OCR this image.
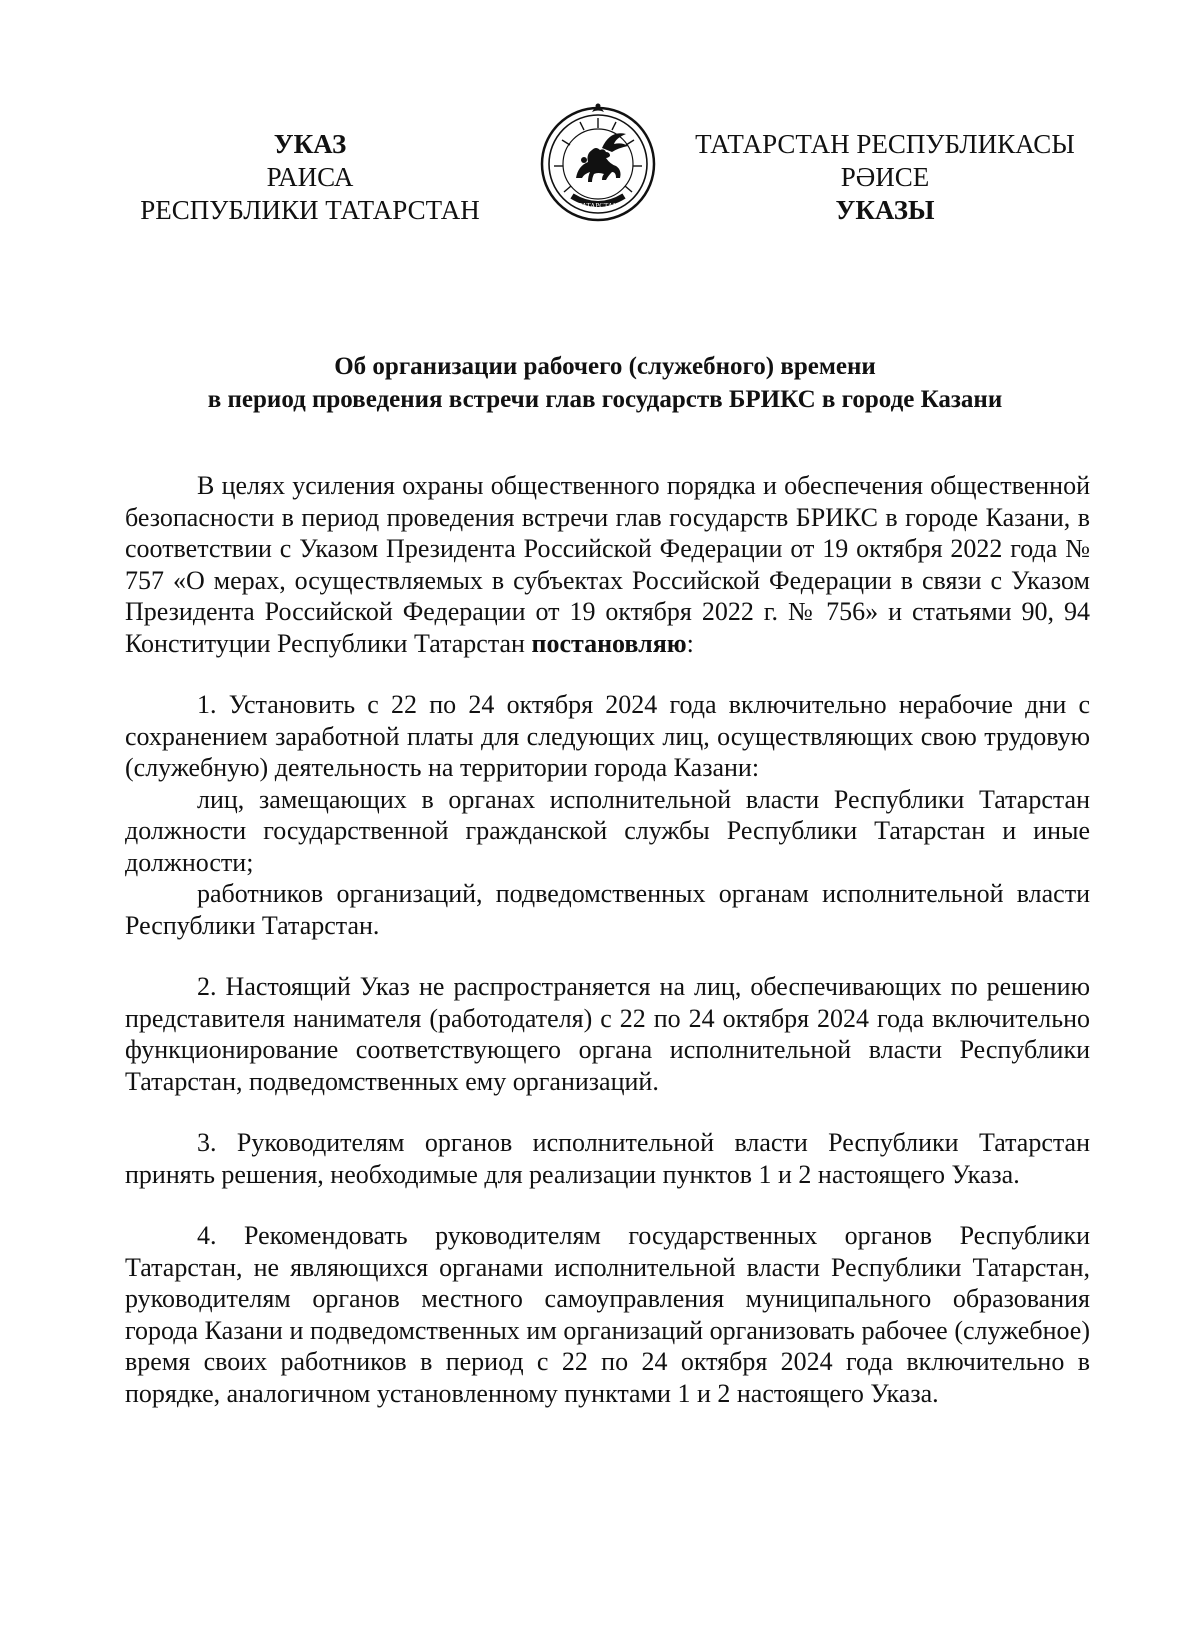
УКАЗ
РАИСА
РЕСПУБЛИКИ ТАТАРСТАН	ТАТАРСТАН
ТАТАРСТАН РЕСПУБЛИКАСЫ
РӘИСЕ
УКАЗЫ
Об организации рабочего (служебного) времени
в период проведения встречи глав государств БРИКС в городе Казани

В целях усиления охраны общественного порядка и обеспечения общественной безопасности в период проведения встречи глав государств БРИКС в городе Казани, в соответствии с Указом Президента Российской Федерации от 19 октября 2022 года № 757 «О мерах, осуществляемых в субъектах Российской Федерации в связи с Указом Президента Российской Федерации от 19 октября 2022 г. № 756» и статьями 90, 94 Конституции Республики Татарстан постановляю:

1. Установить с 22 по 24 октября 2024 года включительно нерабочие дни с сохранением заработной платы для следующих лиц, осуществляющих свою трудовую (служебную) деятельность на территории города Казани:

лиц, замещающих в органах исполнительной власти Республики Татарстан должности государственной гражданской службы Республики Татарстан и иные должности;

работников организаций, подведомственных органам исполнительной власти Республики Татарстан.

2. Настоящий Указ не распространяется на лиц, обеспечивающих по решению представителя нанимателя (работодателя) с 22 по 24 октября 2024 года включительно функционирование соответствующего органа исполнительной власти Республики Татарстан, подведомственных ему организаций.

3. Руководителям органов исполнительной власти Республики Татарстан принять решения, необходимые для реализации пунктов 1 и 2 настоящего Указа.

4. Рекомендовать руководителям государственных органов Республики Татарстан, не являющихся органами исполнительной власти Республики Татарстан, руководителям органов местного самоуправления муниципального образования города Казани и подведомственных им организаций организовать рабочее (служебное) время своих работников в период с 22 по 24 октября 2024 года включительно в порядке, аналогичном установленному пунктами 1 и 2 настоящего Указа.
